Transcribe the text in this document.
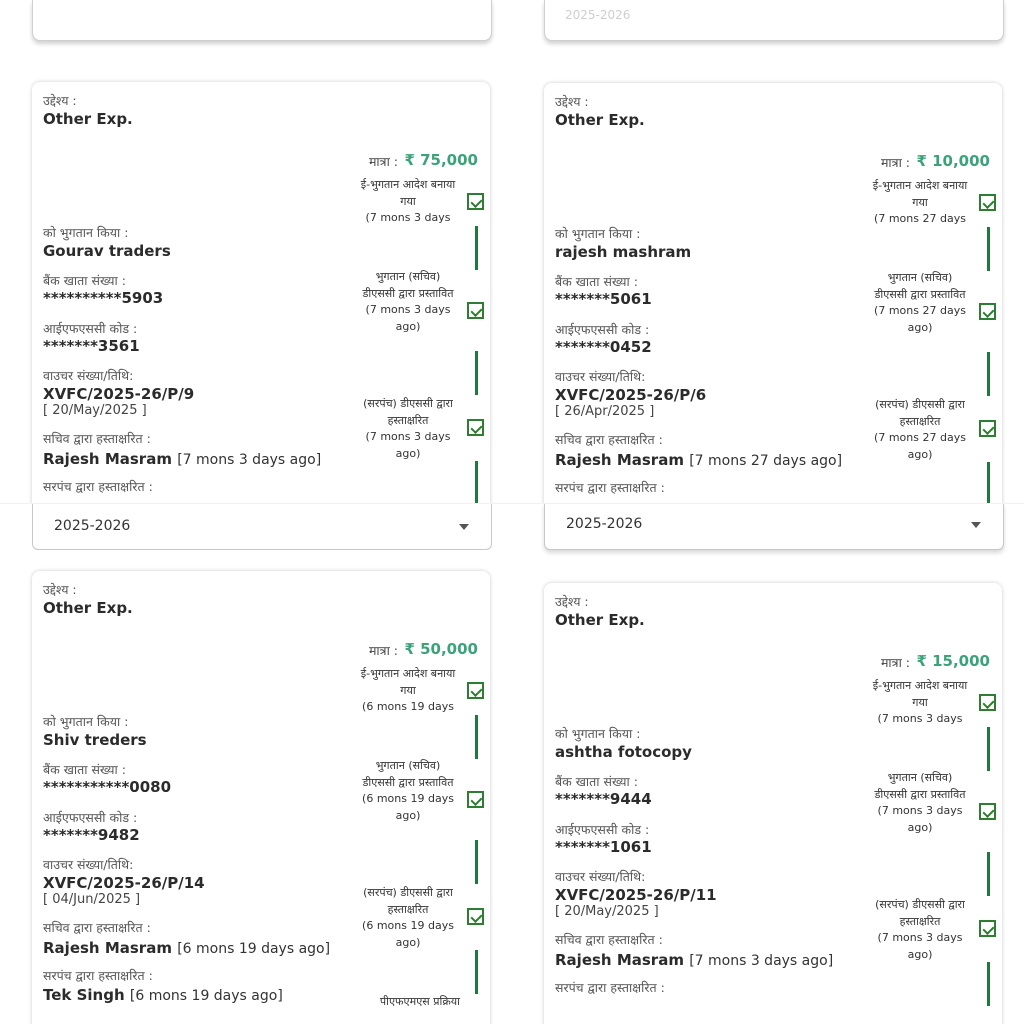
उद्देश्य :
Other Exp.
मात्रा : ₹ 75,000
ई-भुगतान आदेश बनाया गया
(7 mons 3 days
भुगतान (सचिव) डीएससी द्वारा प्रस्तावित
(7 mons 3 days ago)
(सरपंच) डीएससी द्वारा हस्ताक्षरित
(7 mons 3 days ago)
को भुगतान किया :
Gourav traders
बैंक खाता संख्या :
**********5903
आईएफएससी कोड :
*******3561
वाउचर संख्या/तिथि:
XVFC/2025-26/P/9
[ 20/May/2025 ]
सचिव द्वारा हस्ताक्षरित :
Rajesh Masram [7 mons 3 days ago]
सरपंच द्वारा हस्ताक्षरित :
2025-2026
उद्देश्य :
Other Exp.
मात्रा : ₹ 10,000
ई-भुगतान आदेश बनाया गया
(7 mons 27 days
भुगतान (सचिव) डीएससी द्वारा प्रस्तावित
(7 mons 27 days ago)
(सरपंच) डीएससी द्वारा हस्ताक्षरित
(7 mons 27 days ago)
को भुगतान किया :
rajesh mashram
बैंक खाता संख्या :
*******5061
आईएफएससी कोड :
*******0452
वाउचर संख्या/तिथि:
XVFC/2025-26/P/6
[ 26/Apr/2025 ]
सचिव द्वारा हस्ताक्षरित :
Rajesh Masram [7 mons 27 days ago]
सरपंच द्वारा हस्ताक्षरित :
2025-2026
उद्देश्य :
Other Exp.
मात्रा : ₹ 50,000
ई-भुगतान आदेश बनाया गया
(6 mons 19 days
भुगतान (सचिव) डीएससी द्वारा प्रस्तावित
(6 mons 19 days ago)
(सरपंच) डीएससी द्वारा हस्ताक्षरित
(6 mons 19 days ago)
पीएफएमएस प्रक्रिया
को भुगतान किया :
Shiv treders
बैंक खाता संख्या :
***********0080
आईएफएससी कोड :
*******9482
वाउचर संख्या/तिथि:
XVFC/2025-26/P/14
[ 04/Jun/2025 ]
सचिव द्वारा हस्ताक्षरित :
Rajesh Masram [6 mons 19 days ago]
सरपंच द्वारा हस्ताक्षरित :
Tek Singh [6 mons 19 days ago]
2025-2026
उद्देश्य :
Other Exp.
मात्रा : ₹ 15,000
ई-भुगतान आदेश बनाया गया
(7 mons 3 days
भुगतान (सचिव) डीएससी द्वारा प्रस्तावित
(7 mons 3 days ago)
(सरपंच) डीएससी द्वारा हस्ताक्षरित
(7 mons 3 days ago)
को भुगतान किया :
ashtha fotocopy
बैंक खाता संख्या :
*******9444
आईएफएससी कोड :
*******1061
वाउचर संख्या/तिथि:
XVFC/2025-26/P/11
[ 20/May/2025 ]
सचिव द्वारा हस्ताक्षरित :
Rajesh Masram [7 mons 3 days ago]
सरपंच द्वारा हस्ताक्षरित :
